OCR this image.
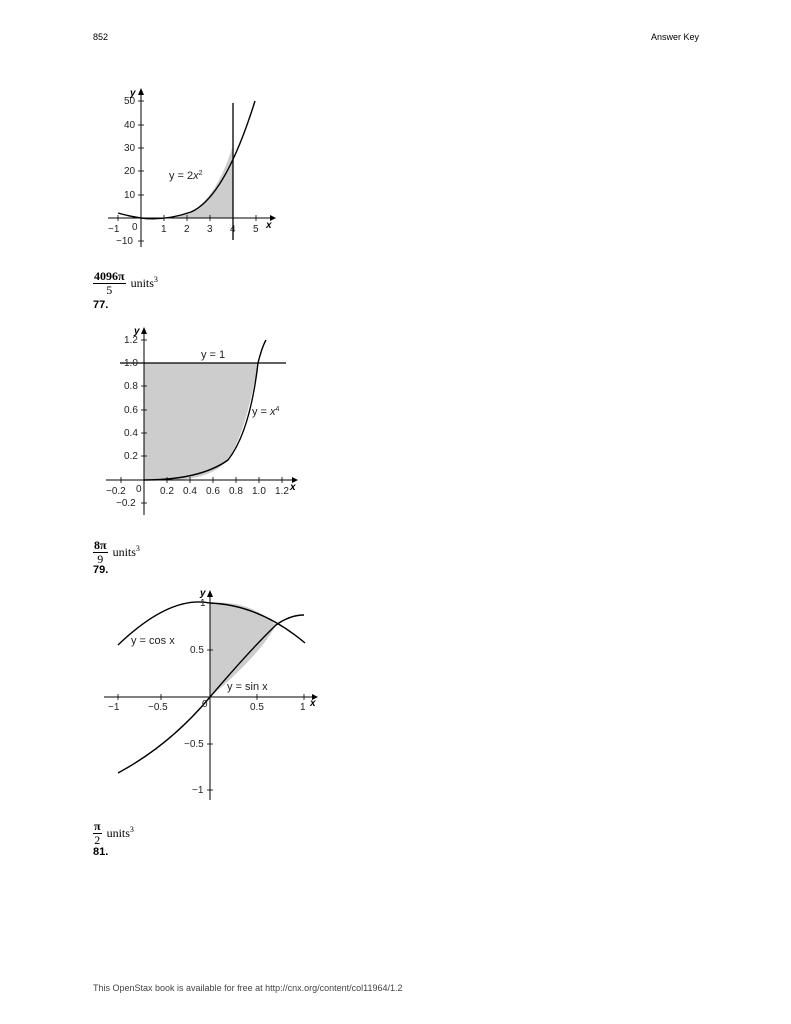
852	Answer Key
−1 0 1 2 3 4 5 x
y
50
40
30
20
10
−10
$y = 2x^2$
$\frac{4096\pi}{5}$ units$^3$
77.
−0.2 0 0.2 0.4 0.6 0.8 1.0 1.2 x
y
1.2
1.0
0.8
0.6
0.4
0.2
−0.2
y = 1
$y = x^4$
$\frac{8\pi}{9}$ units$^3$
79.
−1	−0.5	0	0.5	1 x
y
1
0.5
−0.5
−1
y = cos x
y = sin x
$\frac{\pi}{2}$ units$^3$
81.
This OpenStax book is available for free at http://cnx.org/content/col11964/1.2
